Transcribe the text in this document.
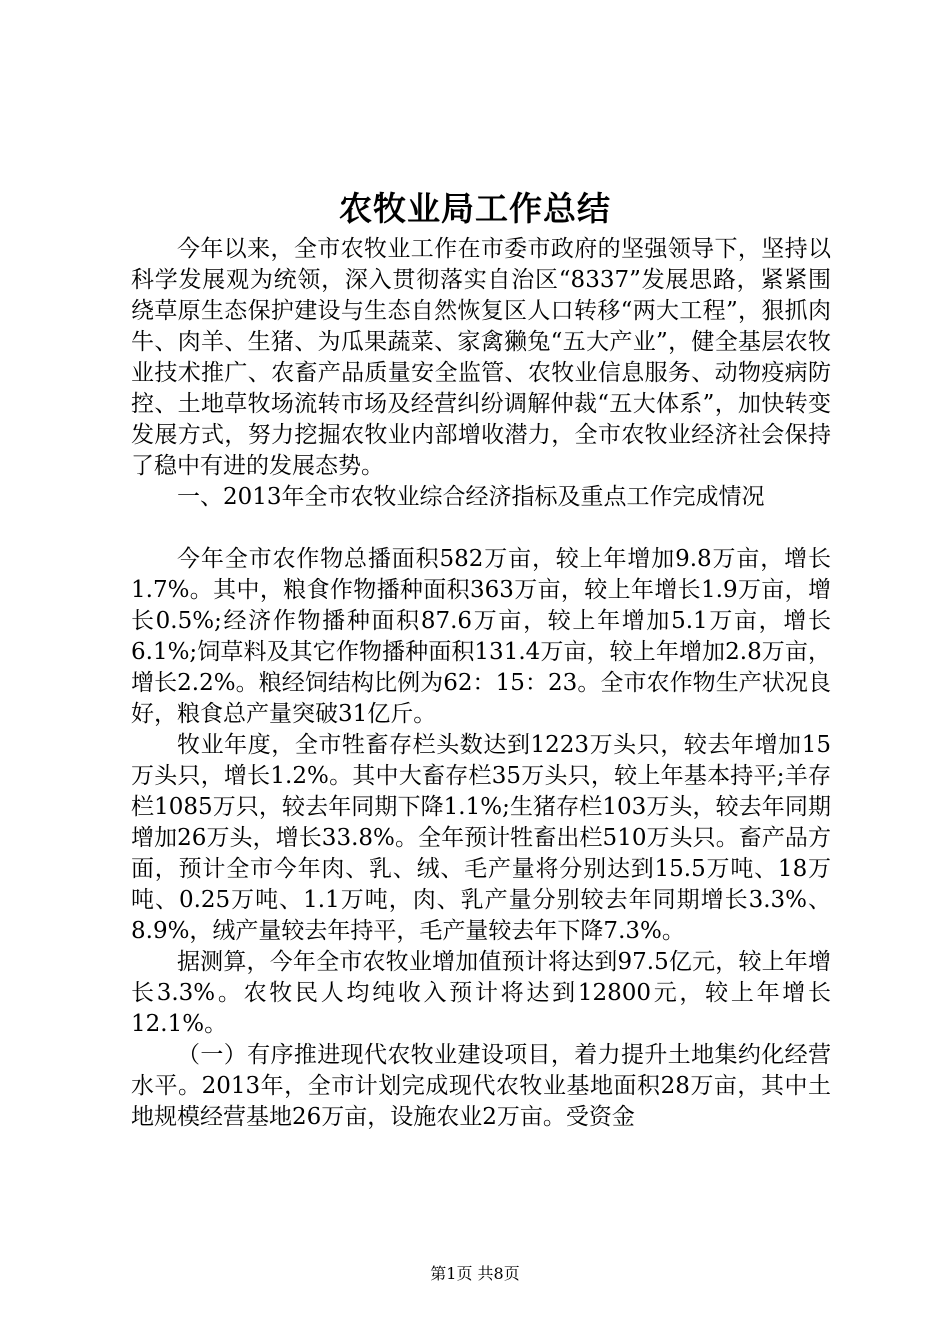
农牧业局工作总结

今年以来，全市农牧业工作在市委市政府的坚强领导下，坚持以科学发展观为统领，深入贯彻落实自治区“8337”发展思路，紧紧围绕草原生态保护建设与生态自然恢复区人口转移“两大工程”，狠抓肉牛、肉羊、生猪、为瓜果蔬菜、家禽獭兔“五大产业”，健全基层农牧业技术推广、农畜产品质量安全监管、农牧业信息服务、动物疫病防控、土地草牧场流转市场及经营纠纷调解仲裁“五大体系”，加快转变发展方式，努力挖掘农牧业内部增收潜力，全市农牧业经济社会保持了稳中有进的发展态势。

一、2013年全市农牧业综合经济指标及重点工作完成情况

今年全市农作物总播面积582万亩，较上年增加9.8万亩，增长1.7%。其中，粮食作物播种面积363万亩，较上年增长1.9万亩，增长0.5%;经济作物播种面积87.6万亩，较上年增加5.1万亩，增长6.1%;饲草料及其它作物播种面积131.4万亩，较上年增加2.8万亩，增长2.2%。粮经饲结构比例为62：15：23。全市农作物生产状况良好，粮食总产量突破31亿斤。

牧业年度，全市牲畜存栏头数达到1223万头只，较去年增加15万头只，增长1.2%。其中大畜存栏35万头只，较上年基本持平;羊存栏1085万只，较去年同期下降1.1%;生猪存栏103万头，较去年同期增加26万头，增长33.8%。全年预计牲畜出栏510万头只。畜产品方面，预计全市今年肉、乳、绒、毛产量将分别达到15.5万吨、18万吨、0.25万吨、1.1万吨，肉、乳产量分别较去年同期增长3.3%、8.9%，绒产量较去年持平，毛产量较去年下降7.3%。

据测算，今年全市农牧业增加值预计将达到97.5亿元，较上年增长3.3%。农牧民人均纯收入预计将达到12800元，较上年增长12.1%。

（一）有序推进现代农牧业建设项目，着力提升土地集约化经营水平。2013年，全市计划完成现代农牧业基地面积28万亩，其中土地规模经营基地26万亩，设施农业2万亩。受资金

第1页 共8页
